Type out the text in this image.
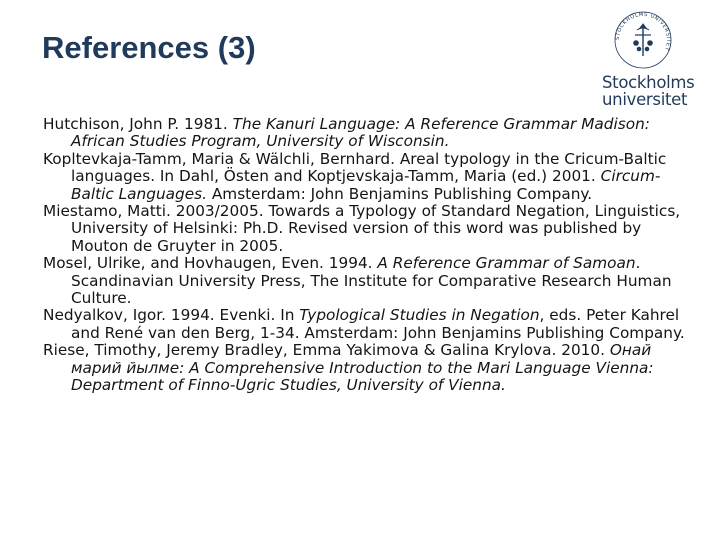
References (3)	STOCKHOLMS UNIVERSITET
Stockholms
universitet
Hutchison, John P. 1981. The Kanuri Language: A Reference Grammar Madison: African Studies Program, University of Wisconsin.
Kopltevkaja-Tamm, Maria & Wälchli, Bernhard. Areal typology in the Cricum-Baltic languages. In Dahl, Östen and Koptjevskaja-Tamm, Maria (ed.) 2001. Circum-Baltic Languages. Amsterdam: John Benjamins Publishing Company.
Miestamo, Matti. 2003/2005. Towards a Typology of Standard Negation, Linguistics, University of Helsinki: Ph.D. Revised version of this word was published by Mouton de Gruyter in 2005.
Mosel, Ulrike, and Hovhaugen, Even. 1994. A Reference Grammar of Samoan. Scandinavian University Press, The Institute for Comparative Research Human Culture.
Nedyalkov, Igor. 1994. Evenki. In Typological Studies in Negation, eds. Peter Kahrel and René van den Berg, 1-34. Amsterdam: John Benjamins Publishing Company.
Riese, Timothy, Jeremy Bradley, Emma Yakimova & Galina Krylova. 2010. Онай марий йылме: A Comprehensive Introduction to the Mari Language Vienna: Department of Finno-Ugric Studies, University of Vienna.
